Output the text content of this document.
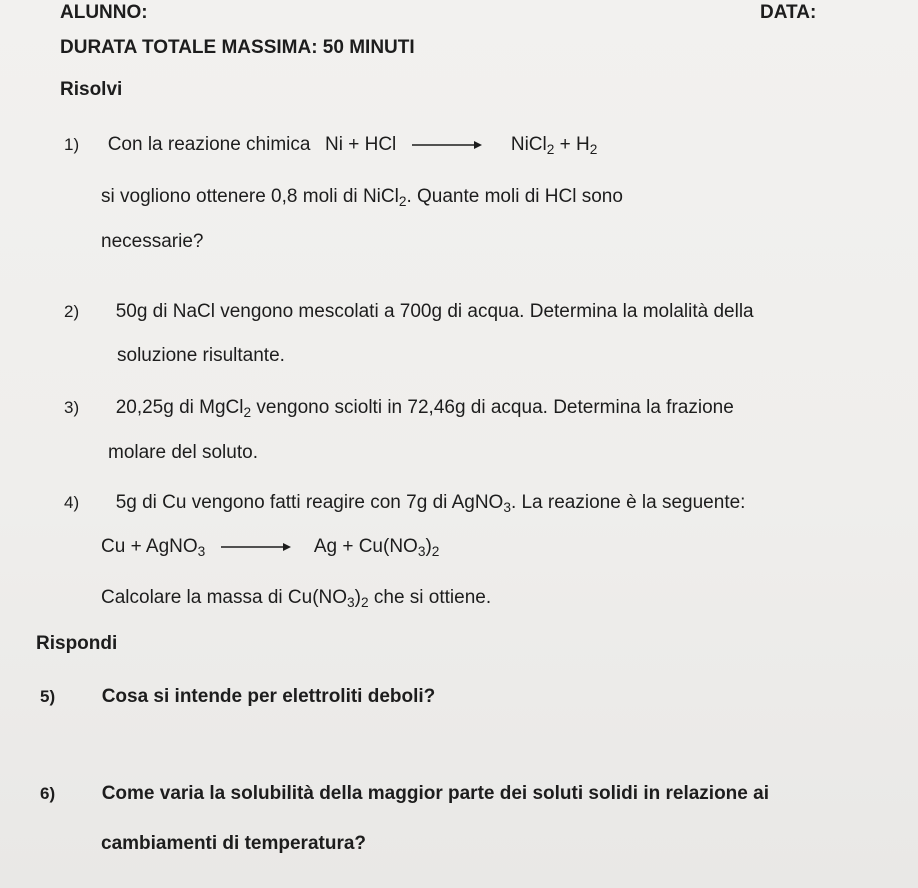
ALUNNO:	DATA:
DURATA TOTALE MASSIMA: 50 MINUTI
Risolvi
1) Con la reazione chimica Ni + HCl → NiCl$_2$ + $H_2$
si vogliono ottenere 0,8 moli di NiCl$_2$. Quante moli di HCl sono
necessarie?
2) 50g di NaCl vengono mescolati a 700g di acqua. Determina la molalità della
soluzione risultante.
3) 20,25g di MgCl$_2$ vengono sciolti in 72,46g di acqua. Determina la frazione
molare del soluto.
4) 5g di Cu vengono fatti reagire con 7g di AgNO$_3$. La reazione è la seguente:
Cu + AgNO$_3$ → $Ag + Cu(NO_3)_2$
Calcolare la massa di $Cu(NO_3)_2$ che si ottiene.
Rispondi
5) Cosa si intende per elettroliti deboli?
6) Come varia la solubilità della maggior parte dei soluti solidi in relazione ai
cambiamenti di temperatura?
